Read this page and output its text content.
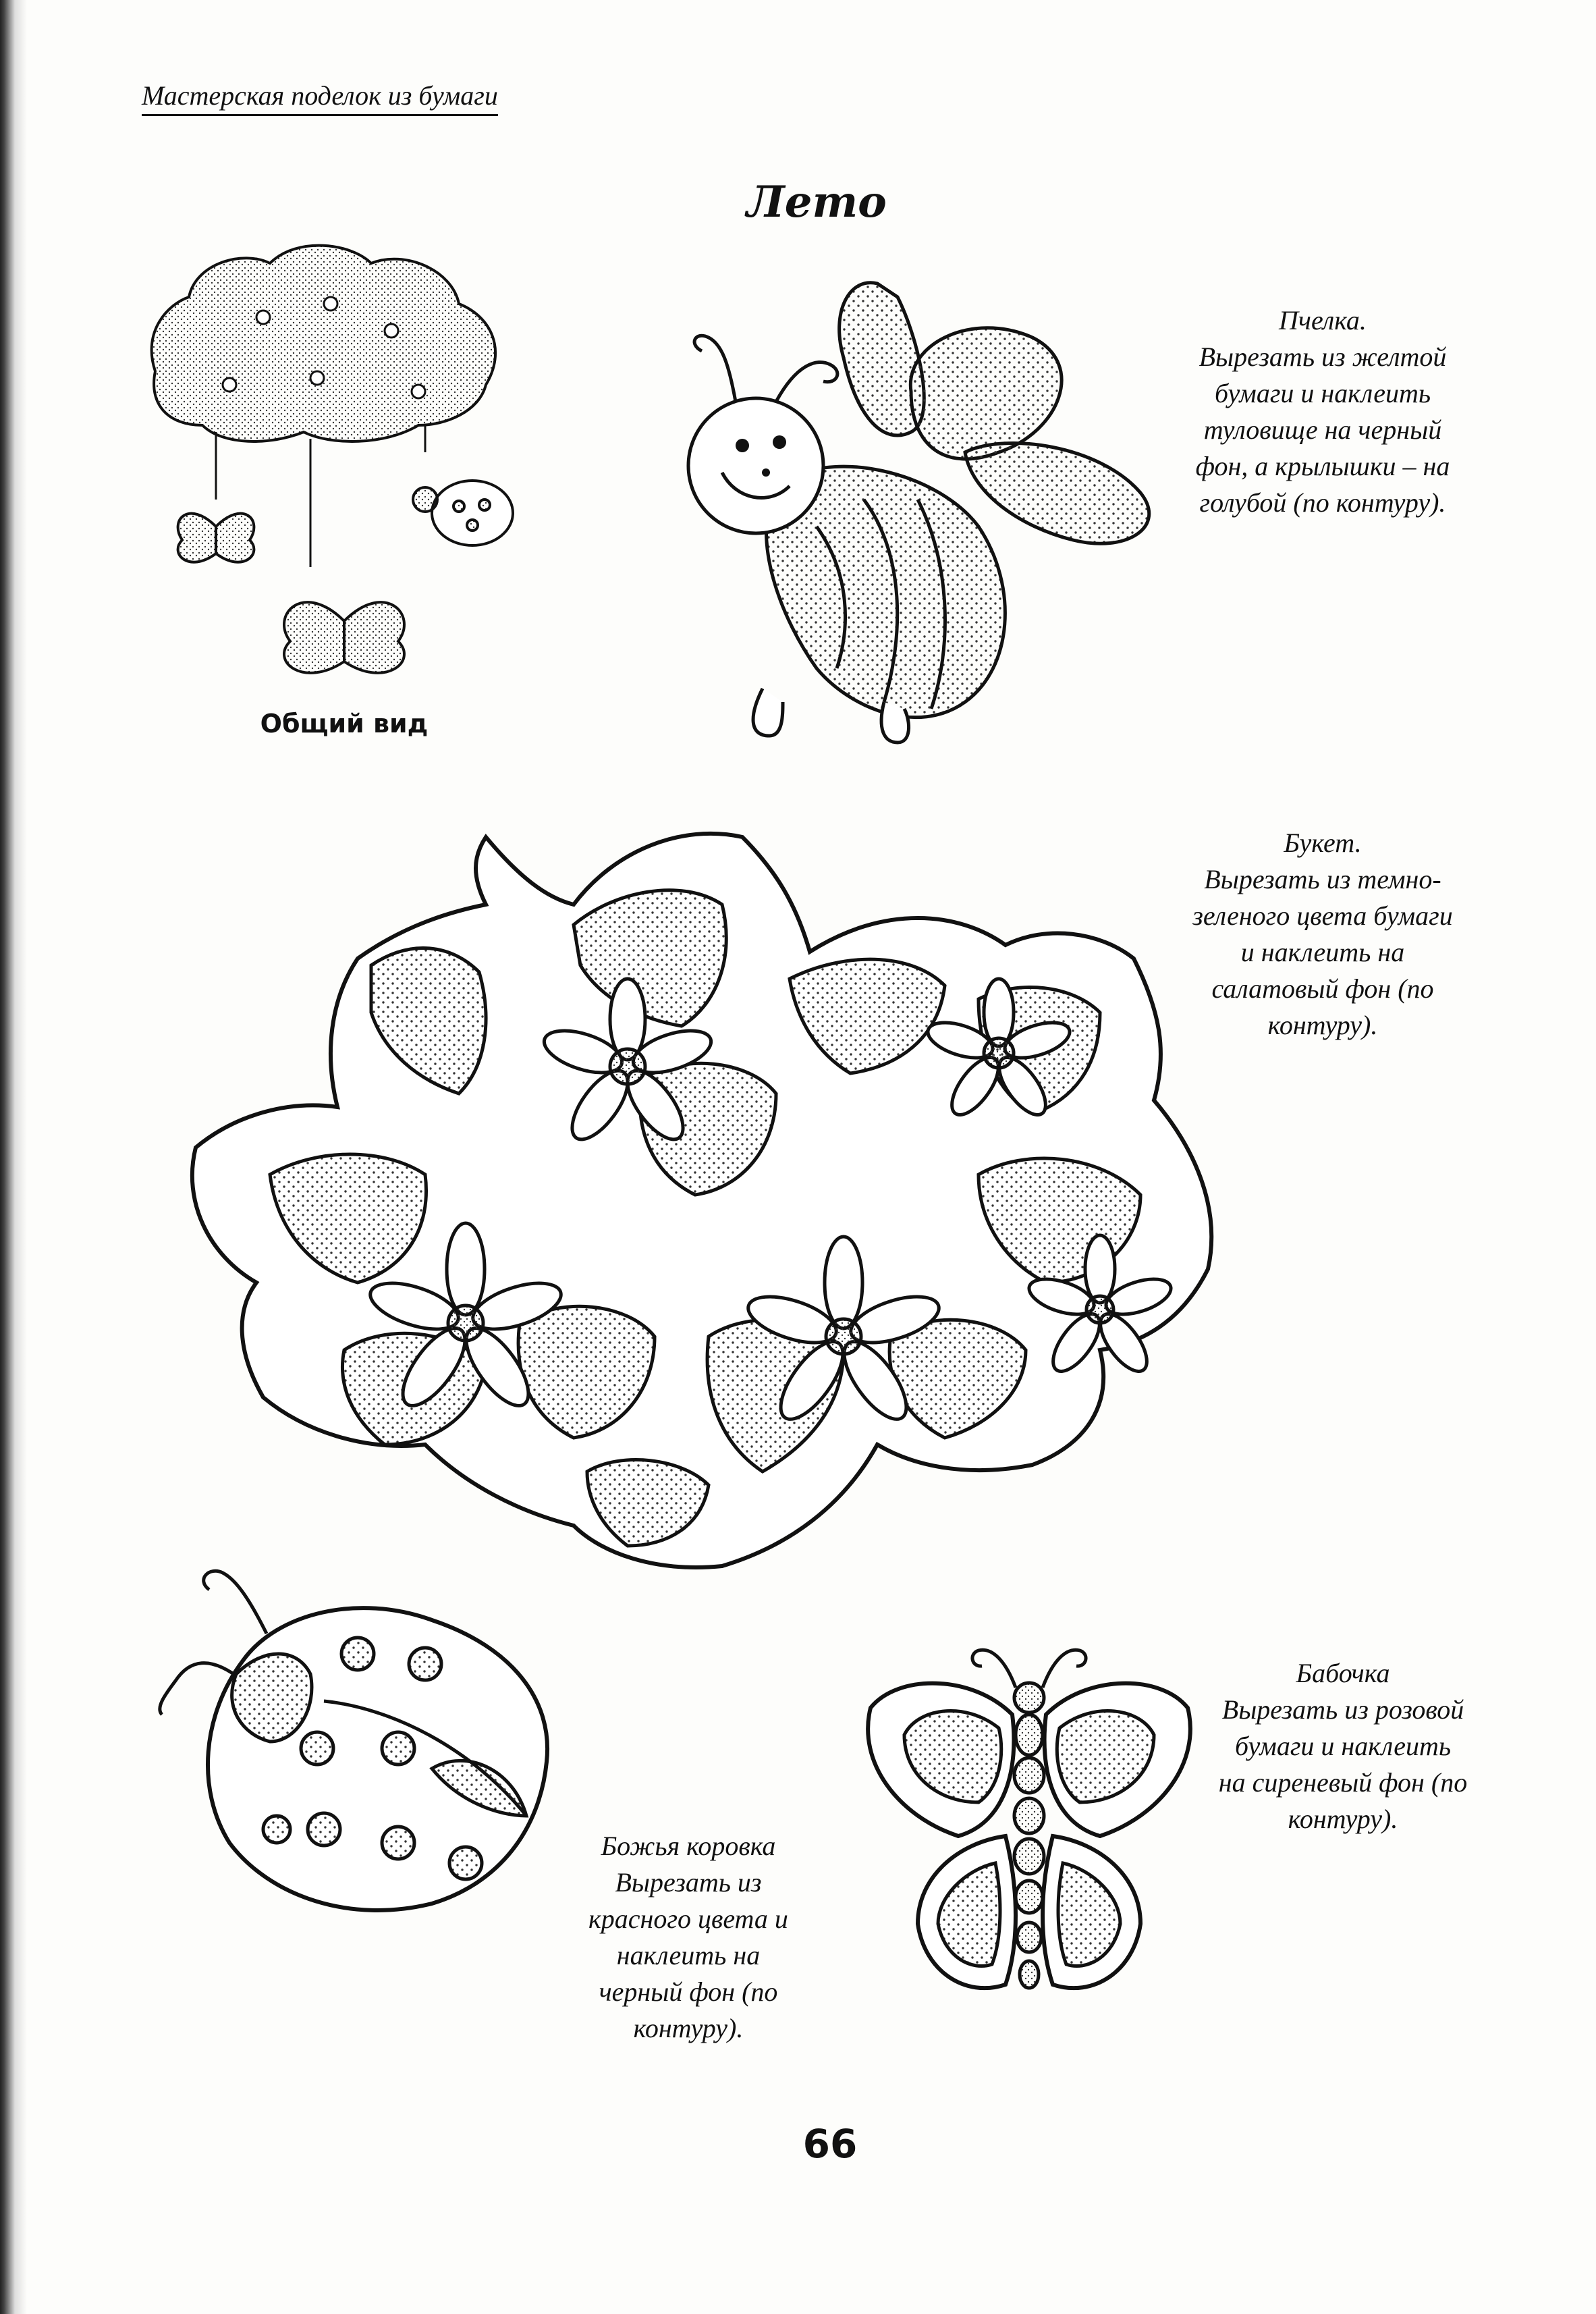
Мастерская поделок из бумаги
Лето
Общий вид
Пчелка.
Вырезать из желтой
бумаги и наклеить
туловище на черный
фон, а крылышки – на
голубой (по контуру).
Букет.
Вырезать из темно-
зеленого цвета бумаги
и наклеить на
салатовый фон (по
контуру).
Божья коровка
Вырезать из
красного цвета и
наклеить на
черный фон (по
контуру).
Бабочка
Вырезать из розовой
бумаги и наклеить
на сиреневый фон (по
контуру).
66
